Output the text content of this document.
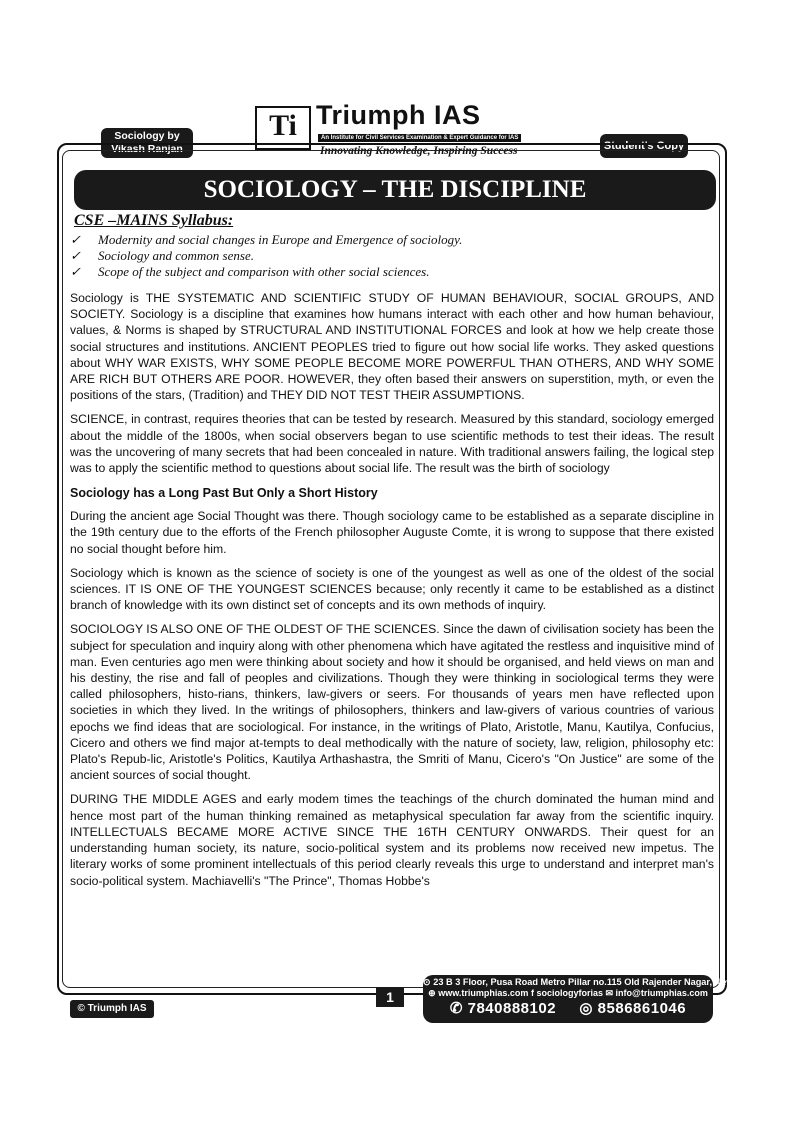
Sociology by
Vikash Ranjan
Ti Triumph IAS
An Institute for Civil Services Examination & Expert Guidance for IAS
Innovating Knowledge, Inspiring Success	Student's Copy
SOCIOLOGY – THE DISCIPLINE
CSE –MAINS Syllabus:
✓	Modernity and social changes in Europe and Emergence of sociology.
✓	Sociology and common sense.
✓	Scope of the subject and comparison with other social sciences.

Sociology is THE SYSTEMATIC AND SCIENTIFIC STUDY OF HUMAN BEHAVIOUR, SOCIAL GROUPS, AND SOCIETY. Sociology is a discipline that examines how humans interact with each other and how human behaviour, values, & Norms is shaped by STRUCTURAL AND INSTITUTIONAL FORCES and look at how we help create those social structures and institutions. ANCIENT PEOPLES tried to figure out how social life works. They asked questions about WHY WAR EXISTS, WHY SOME PEOPLE BECOME MORE POWERFUL THAN OTHERS, AND WHY SOME ARE RICH BUT OTHERS ARE POOR. HOWEVER, they often based their answers on superstition, myth, or even the positions of the stars, (Tradition) and THEY DID NOT TEST THEIR ASSUMPTIONS.

SCIENCE, in contrast, requires theories that can be tested by research. Measured by this standard, sociology emerged about the middle of the 1800s, when social observers began to use scientific methods to test their ideas. The result was the uncovering of many secrets that had been concealed in nature. With traditional answers failing, the logical step was to apply the scientific method to questions about social life. The result was the birth of sociology

Sociology has a Long Past But Only a Short History

During the ancient age Social Thought was there. Though sociology came to be established as a separate discipline in the 19th century due to the efforts of the French philosopher Auguste Comte, it is wrong to suppose that there existed no social thought before him.

Sociology which is known as the science of society is one of the youngest as well as one of the oldest of the social sciences. IT IS ONE OF THE YOUNGEST SCIENCES because; only recently it came to be established as a distinct branch of knowledge with its own distinct set of concepts and its own methods of inquiry.

SOCIOLOGY IS ALSO ONE OF THE OLDEST OF THE SCIENCES. Since the dawn of civilisation society has been the subject for speculation and inquiry along with other phenomena which have agitated the restless and inquisitive mind of man. Even centuries ago men were thinking about society and how it should be organised, and held views on man and his destiny, the rise and fall of peoples and civilizations. Though they were thinking in sociological terms they were called philosophers, histo-rians, thinkers, law-givers or seers. For thousands of years men have reflected upon societies in which they lived. In the writings of philosophers, thinkers and law-givers of various countries of various epochs we find ideas that are sociological. For instance, in the writings of Plato, Aristotle, Manu, Kautilya, Confucius, Cicero and others we find major at-tempts to deal methodically with the nature of society, law, religion, philosophy etc: Plato's Repub-lic, Aristotle's Politics, Kautilya Arthashastra, the Smriti of Manu, Cicero's "On Justice" are some of the ancient sources of social thought.

DURING THE MIDDLE AGES and early modem times the teachings of the church dominated the human mind and hence most part of the human thinking remained as metaphysical speculation far away from the scientific inquiry. INTELLECTUALS BECAME MORE ACTIVE SINCE THE 16TH CENTURY ONWARDS. Their quest for an understanding human society, its nature, socio-political system and its problems now received new impetus. The literary works of some prominent intellectuals of this period clearly reveals this urge to understand and interpret man's socio-political system. Machiavelli's "The Prince", Thomas Hobbe's

© Triumph IAS
1
⊙ 23 B 3 Floor, Pusa Road Metro Pillar no.115 Old Rajender Nagar, New Delhi-60
⊕ www.triumphias.com f sociologyforias ✉ info@triumphias.com
✆ 7840888102 ◎ 8586861046
